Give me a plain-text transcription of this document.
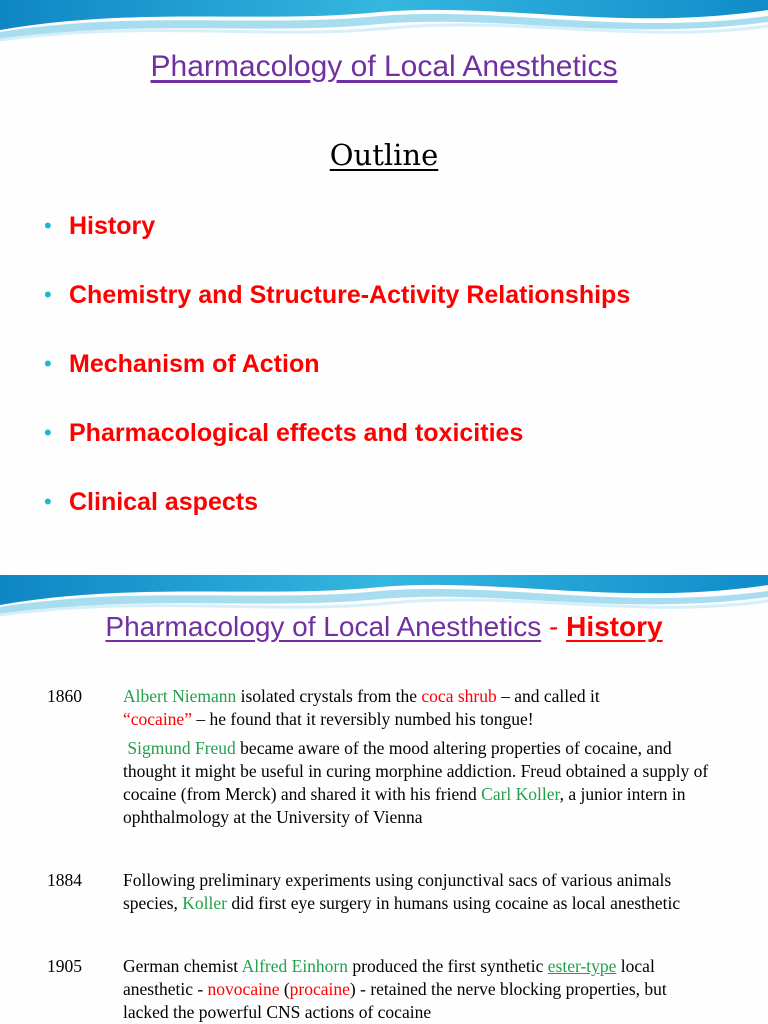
Pharmacology of Local Anesthetics
Outline
• History
• Chemistry and Structure-Activity Relationships
• Mechanism of Action
• Pharmacological effects and toxicities
• Clinical aspects
Pharmacology of Local Anesthetics - History
1860 Albert Niemann isolated crystals from the coca shrub – and called it
“cocaine” – he found that it reversibly numbed his tongue!
Sigmund Freud became aware of the mood altering properties of cocaine, and thought it might be useful in curing morphine addiction. Freud obtained a supply of cocaine (from Merck) and shared it with his friend Carl Koller, a junior intern in ophthalmology at the University of Vienna
1884 Following preliminary experiments using conjunctival sacs of various animals species, Koller did first eye surgery in humans using cocaine as local anesthetic
1905 German chemist Alfred Einhorn produced the first synthetic ester-type local anesthetic - novocaine (procaine) - retained the nerve blocking properties, but lacked the powerful CNS actions of cocaine
